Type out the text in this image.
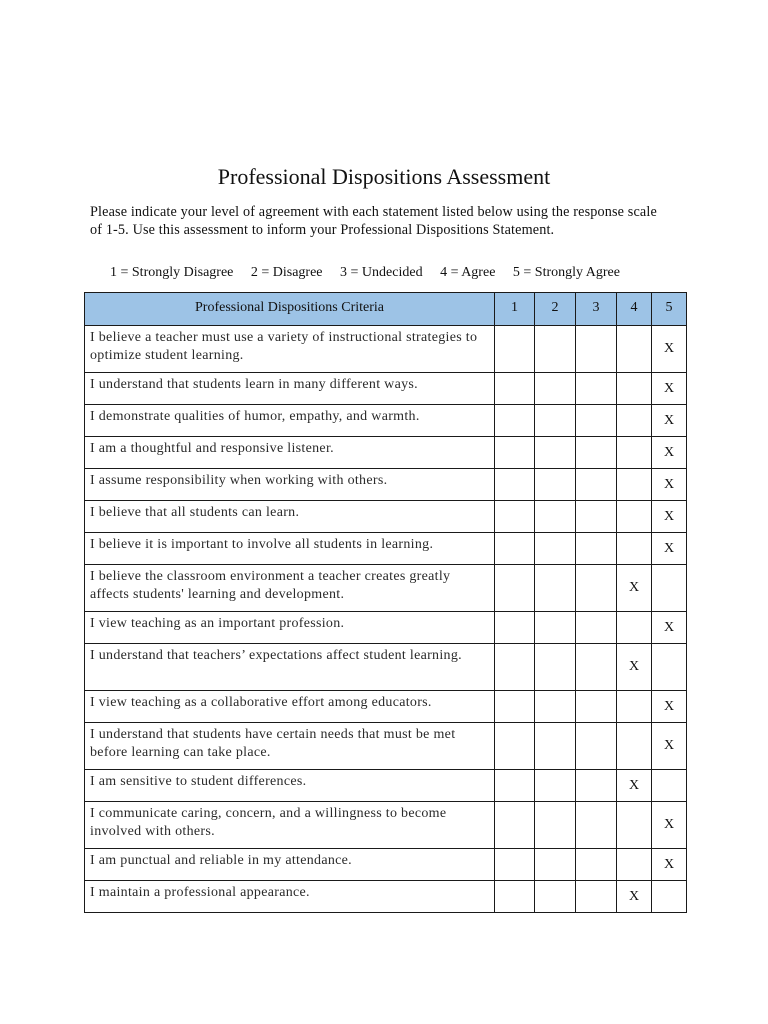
Professional Dispositions Assessment
Please indicate your level of agreement with each statement listed below using the response scale of 1-5. Use this assessment to inform your Professional Dispositions Statement.
1 = Strongly Disagree 2 = Disagree 3 = Undecided 4 = Agree 5 = Strongly Agree
Professional Dispositions Criteria	1	2	3	4	5
I believe a teacher must use a variety of instructional strategies to optimize student learning.					X
I understand that students learn in many different ways.					X
I demonstrate qualities of humor, empathy, and warmth.					X
I am a thoughtful and responsive listener.					X
I assume responsibility when working with others.					X
I believe that all students can learn.					X
I believe it is important to involve all students in learning.					X
I believe the classroom environment a teacher creates greatly affects students' learning and development.				X	
I view teaching as an important profession.					X
I understand that teachers’ expectations affect student learning.				X	
I view teaching as a collaborative effort among educators.					X
I understand that students have certain needs that must be met before learning can take place.					X
I am sensitive to student differences.				X	
I communicate caring, concern, and a willingness to become involved with others.					X
I am punctual and reliable in my attendance.					X
I maintain a professional appearance.				X	
